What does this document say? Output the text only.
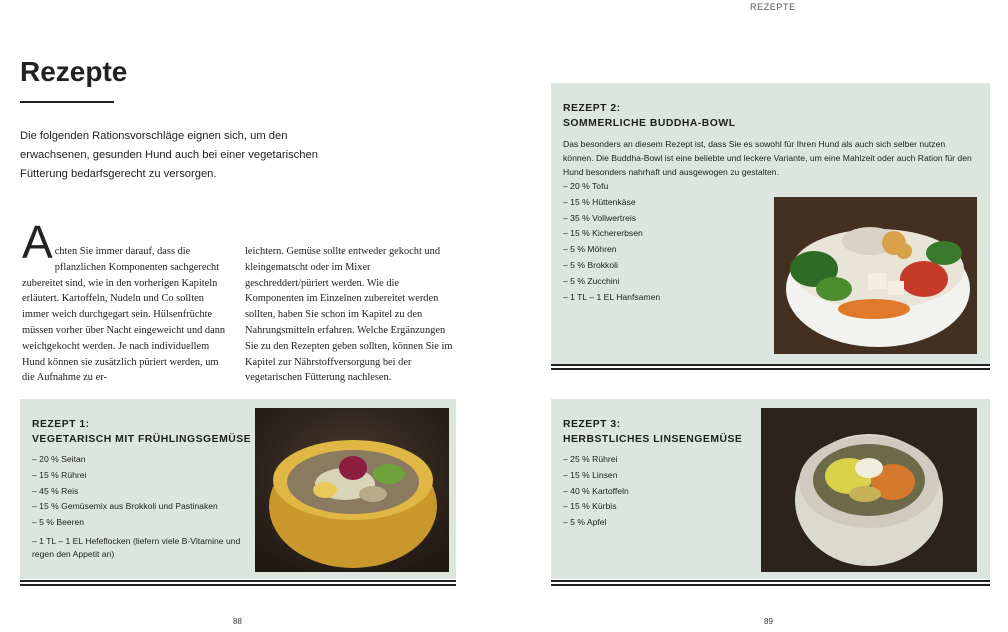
Rezepte

Die folgenden Rationsvorschläge eignen sich, um den erwachsenen, gesunden Hund auch bei einer vegetarischen Fütterung bedarfsgerecht zu versorgen.

Achten Sie immer darauf, dass die pflanzlichen Komponenten sachgerecht zubereitet sind, wie in den vorherigen Kapiteln erläutert. Kartoffeln, Nudeln und Co sollten immer weich durchgegart sein. Hülsenfrüchte müssen vorher über Nacht eingeweicht und dann weichgekocht werden. Je nach individuellem Hund können sie zusätzlich püriert werden, um die Aufnahme zu er-

leichtern. Gemüse sollte entweder gekocht und kleingematscht oder im Mixer geschreddert/püriert werden. Wie die Komponenten im Einzelnen zubereitet werden sollten, haben Sie schon im Kapitel zu den Nahrungsmitteln erfahren. Welche Ergänzungen Sie zu den Rezepten geben sollten, können Sie im Kapitel zur Nährstoffversorgung bei der vegetarischen Fütterung nachlesen.

REZEPT 1:
VEGETARISCH MIT FRÜHLINGSGEMÜSE
– 20 % Seitan
– 15 % Rührei
– 45 % Reis
– 15 % Gemüsemix aus Brokkoli und Pastinaken
– 5 % Beeren
– 1 TL – 1 EL Hefeflocken (liefern viele B-Vitamine und regen den Appetit an)
88
REZEPTE
REZEPT 2:
SOMMERLICHE BUDDHA-BOWL

Das besonders an diesem Rezept ist, dass Sie es sowohl für Ihren Hund als auch sich selber nutzen können. Die Buddha-Bowl ist eine beliebte und leckere Variante, um eine Mahlzeit oder auch Ration für den Hund besonders nahrhaft und ausgewogen zu gestalten.

– 20 % Tofu
– 15 % Hüttenkäse
– 35 % Vollwertreis
– 15 % Kichererbsen
– 5 % Möhren
– 5 % Brokkoli
– 5 % Zucchini
– 1 TL – 1 EL Hanfsamen
REZEPT 3:
HERBSTLICHES LINSENGEMÜSE
– 25 % Rührei
– 15 % Linsen
– 40 % Kartoffeln
– 15 % Kürbis
– 5 % Apfel
89
